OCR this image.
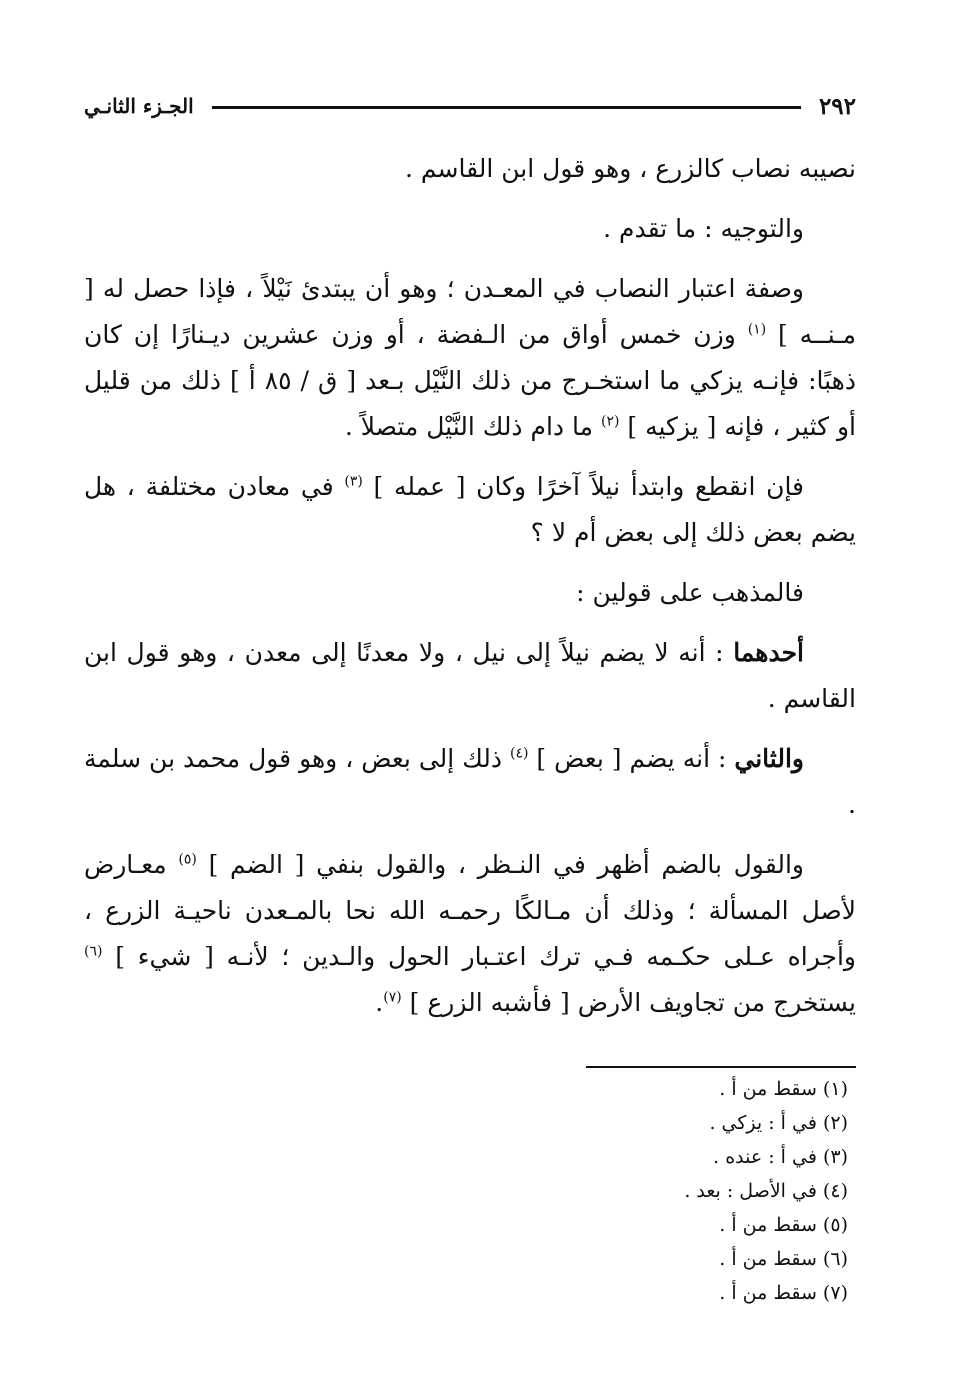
٢٩٢
الجـزء الثانـي

نصيبه نصاب كالزرع ، وهو قول ابن القاسم .

والتوجيه : ما تقدم .

وصفة اعتبار النصاب في المعـدن ؛ وهو أن يبتدئ نَيْلاً ، فإذا حصل له [ مـنــه ] $^{(١)}$ وزن خمس أواق من الـفضة ، أو وزن عشرين ديـنارًا إن كان ذهبًا: فإنـه يزكي ما استخـرج من ذلك النَّيْل بـعد [ ق / ٨٥ أ ] ذلك من قليل أو كثير ، فإنه [ يزكيه ] $^{(٢)}$ ما دام ذلك النَّيْل متصلاً .

فإن انقطع وابتدأ نيلاً آخرًا وكان [ عمله ] $^{(٣)}$ في معادن مختلفة ، هل يضم بعض ذلك إلى بعض أم لا ؟

فالمذهب على قولين :

أحدهما : أنه لا يضم نيلاً إلى نيل ، ولا معدنًا إلى معدن ، وهو قول ابن القاسم .

والثاني : أنه يضم [ بعض ] $^{(٤)}$ ذلك إلى بعض ، وهو قول محمد بن سلمة .

والقول بالضم أظهر في النـظر ، والقول بنفي [ الضم ] $^{(٥)}$ معـارض لأصل المسألة ؛ وذلك أن مـالكًا رحمـه الله نحا بالمـعدن ناحيـة الزرع ، وأجراه عـلى حكـمه فـي ترك اعتـبار الحول والـدين ؛ لأنـه [ شيء ] $^{(٦)}$ يستخرج من تجاويف الأرض [ فأشبه الزرع ] $^{(٧)}$.

(١) سقط من أ .

(٢) في أ : يزكي .

(٣) في أ : عنده .

(٤) في الأصل : بعد .

(٥) سقط من أ .

(٦) سقط من أ .

(٧) سقط من أ .
